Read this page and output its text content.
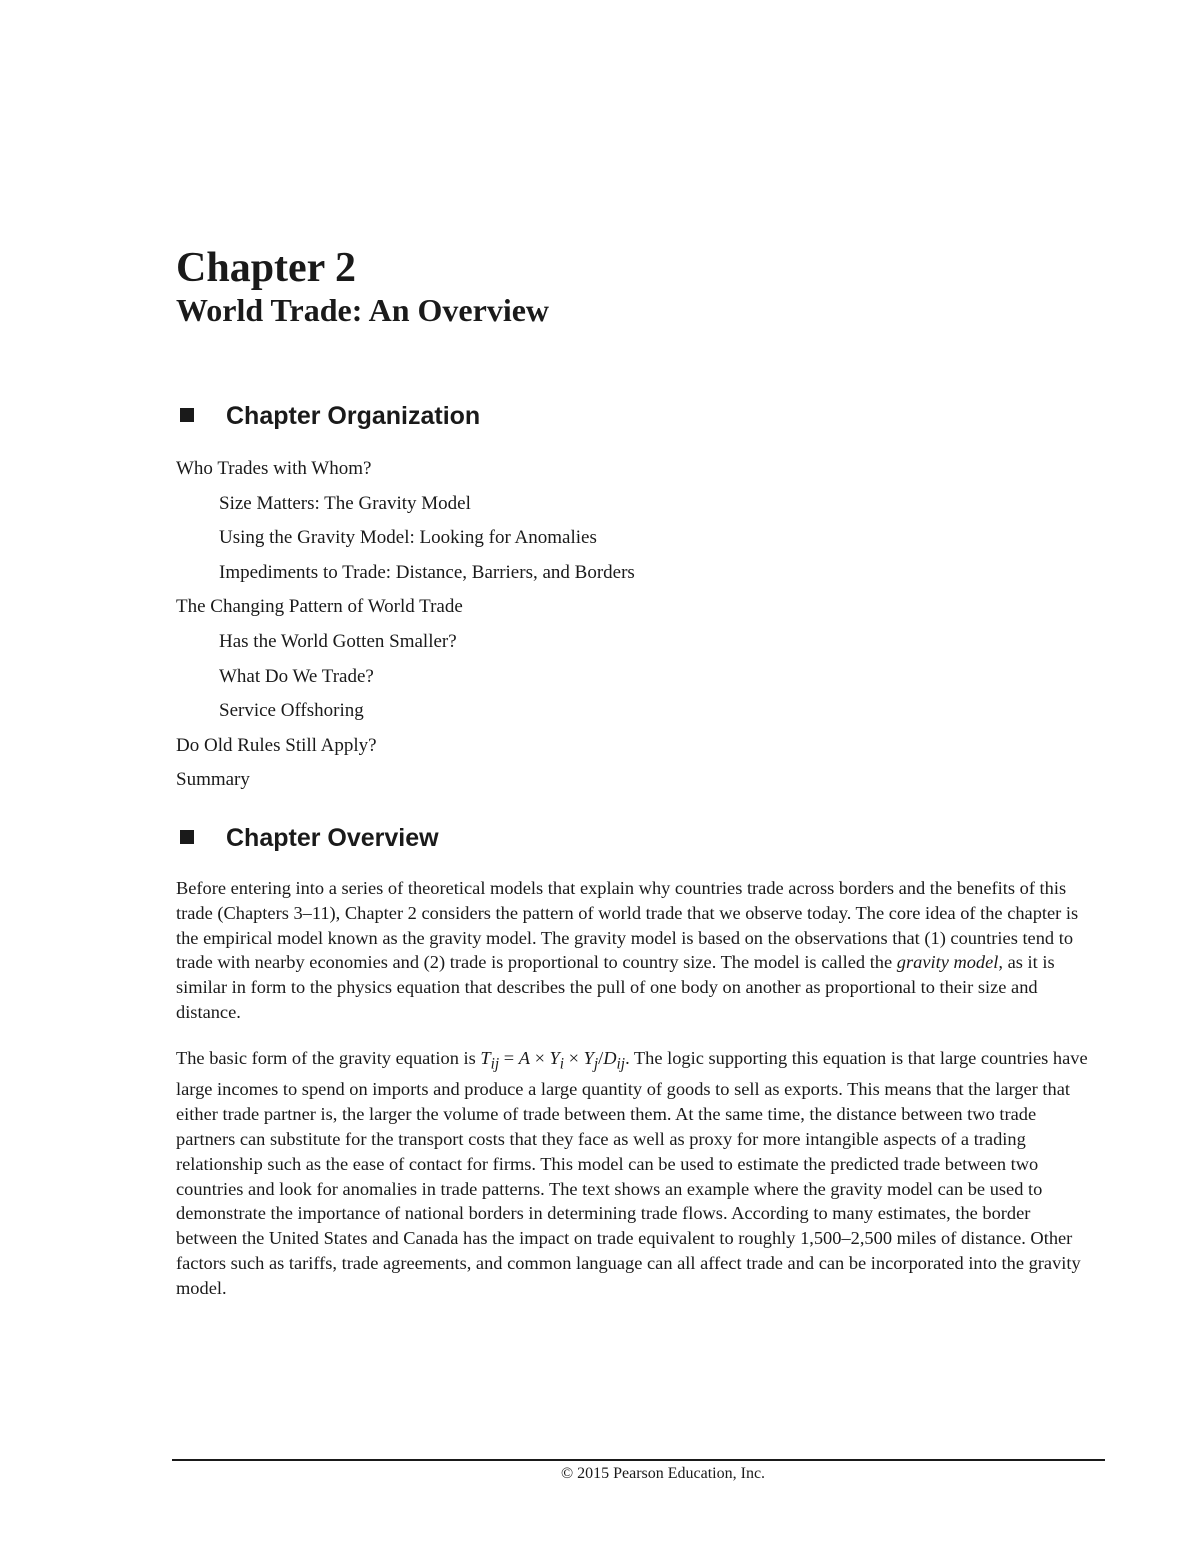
Chapter 2
World Trade: An Overview
Chapter Organization
Who Trades with Whom?
Size Matters: The Gravity Model
Using the Gravity Model: Looking for Anomalies
Impediments to Trade: Distance, Barriers, and Borders
The Changing Pattern of World Trade
Has the World Gotten Smaller?
What Do We Trade?
Service Offshoring
Do Old Rules Still Apply?
Summary
Chapter Overview

Before entering into a series of theoretical models that explain why countries trade across borders and the benefits of this trade (Chapters 3–11), Chapter 2 considers the pattern of world trade that we observe today. The core idea of the chapter is the empirical model known as the gravity model. The gravity model is based on the observations that (1) countries tend to trade with nearby economies and (2) trade is proportional to country size. The model is called the gravity model, as it is similar in form to the physics equation that describes the pull of one body on another as proportional to their size and distance.

The basic form of the gravity equation is $T_{ij} = A \times Y_i \times Y_j/D_{ij}$. The logic supporting this equation is that large countries have large incomes to spend on imports and produce a large quantity of goods to sell as exports. This means that the larger that either trade partner is, the larger the volume of trade between them. At the same time, the distance between two trade partners can substitute for the transport costs that they face as well as proxy for more intangible aspects of a trading relationship such as the ease of contact for firms. This model can be used to estimate the predicted trade between two countries and look for anomalies in trade patterns. The text shows an example where the gravity model can be used to demonstrate the importance of national borders in determining trade flows. According to many estimates, the border between the United States and Canada has the impact on trade equivalent to roughly 1,500–2,500 miles of distance. Other factors such as tariffs, trade agreements, and common language can all affect trade and can be incorporated into the gravity model.

© 2015 Pearson Education, Inc.
